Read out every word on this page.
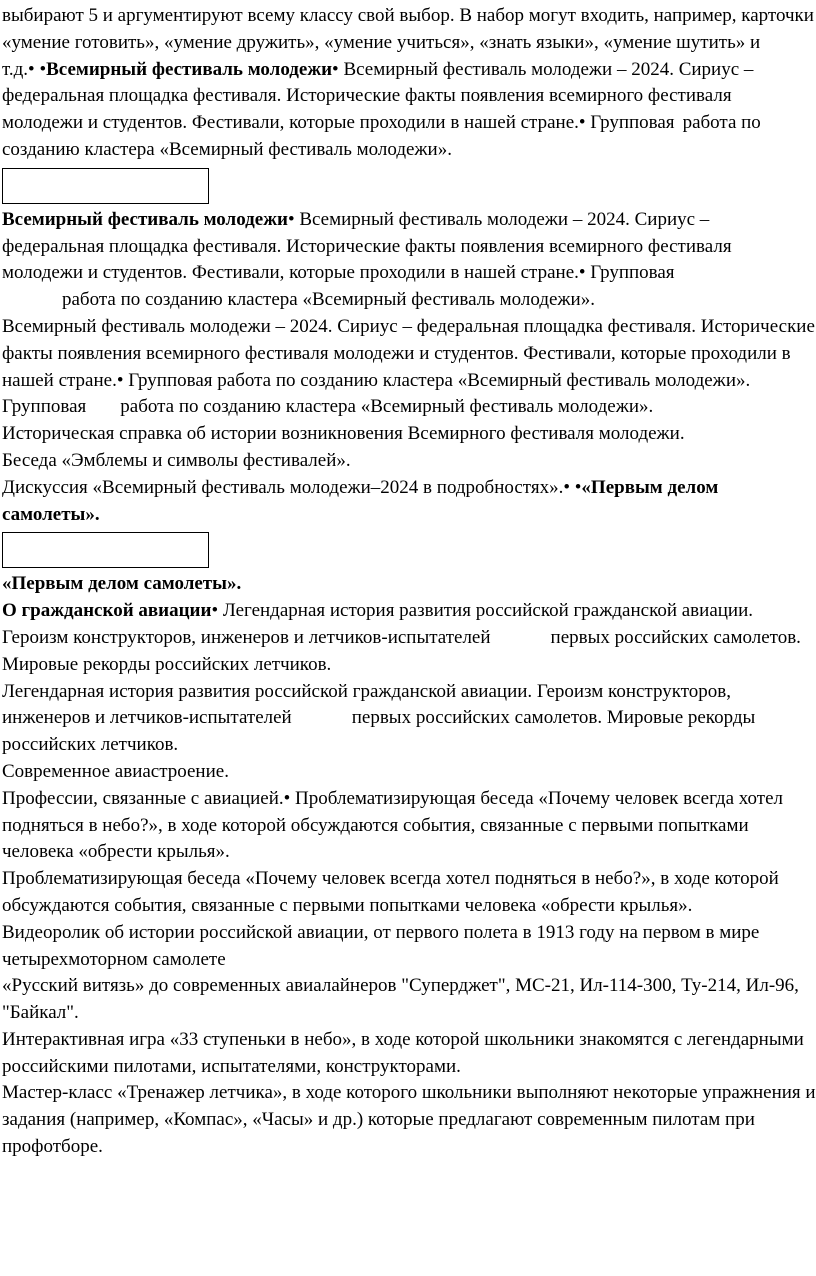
выбирают 5 и аргументируют всему классу свой выбор. В набор могут входить, например, карточки «умение готовить», «умение дружить», «умение учиться», «знать языки», «умение шутить» и

т.д.• •Всемирный фестиваль молодежи• Всемирный фестиваль молодежи – 2024. Сириус – федеральная площадка фестиваля. Исторические факты появления всемирного фестиваля молодежи и студентов. Фестивали, которые проходили в нашей стране.• Групповая работа по созданию кластера «Всемирный фестиваль молодежи».

Всемирный фестиваль молодежи• Всемирный фестиваль молодежи – 2024. Сириус – федеральная площадка фестиваля. Исторические факты появления всемирного фестиваля молодежи и студентов. Фестивали, которые проходили в нашей стране.• Групповая

работа по созданию кластера «Всемирный фестиваль молодежи».

Всемирный фестиваль молодежи – 2024. Сириус – федеральная площадка фестиваля. Исторические факты появления всемирного фестиваля молодежи и студентов. Фестивали, которые проходили в нашей стране.• Групповая работа по созданию кластера «Всемирный фестиваль молодежи».

Групповая работа по созданию кластера «Всемирный фестиваль молодежи».

Историческая справка об истории возникновения Всемирного фестиваля молодежи.

Беседа «Эмблемы и символы фестивалей».

Дискуссия «Всемирный фестиваль молодежи–2024 в подробностях».• •«Первым делом самолеты».

«Первым делом самолеты».

О гражданской авиации• Легендарная история развития российской гражданской авиации. Героизм конструкторов, инженеров и летчиков-испытателей	первых российских самолетов. Мировые рекорды российских летчиков.

Легендарная история развития российской гражданской авиации. Героизм конструкторов, инженеров и летчиков-испытателей	первых российских самолетов. Мировые рекорды российских летчиков.

Современное авиастроение.

Профессии, связанные с авиацией.• Проблематизирующая беседа «Почему человек всегда хотел подняться в небо?», в ходе которой обсуждаются события, связанные с первыми попытками человека «обрести крылья».

Проблематизирующая беседа «Почему человек всегда хотел подняться в небо?», в ходе которой обсуждаются события, связанные с первыми попытками человека «обрести крылья».

Видеоролик об истории российской авиации, от первого полета в 1913 году на первом в мире четырехмоторном самолете

«Русский витязь» до современных авиалайнеров "Суперджет", МС-21, Ил-114-300, Ту-214, Ил-96, "Байкал".

Интерактивная игра «33 ступеньки в небо», в ходе которой школьники знакомятся с легендарными российскими пилотами, испытателями, конструкторами.

Мастер-класс «Тренажер летчика», в ходе которого школьники выполняют некоторые упражнения и задания (например, «Компас», «Часы» и др.) которые предлагают современным пилотам при профотборе.
